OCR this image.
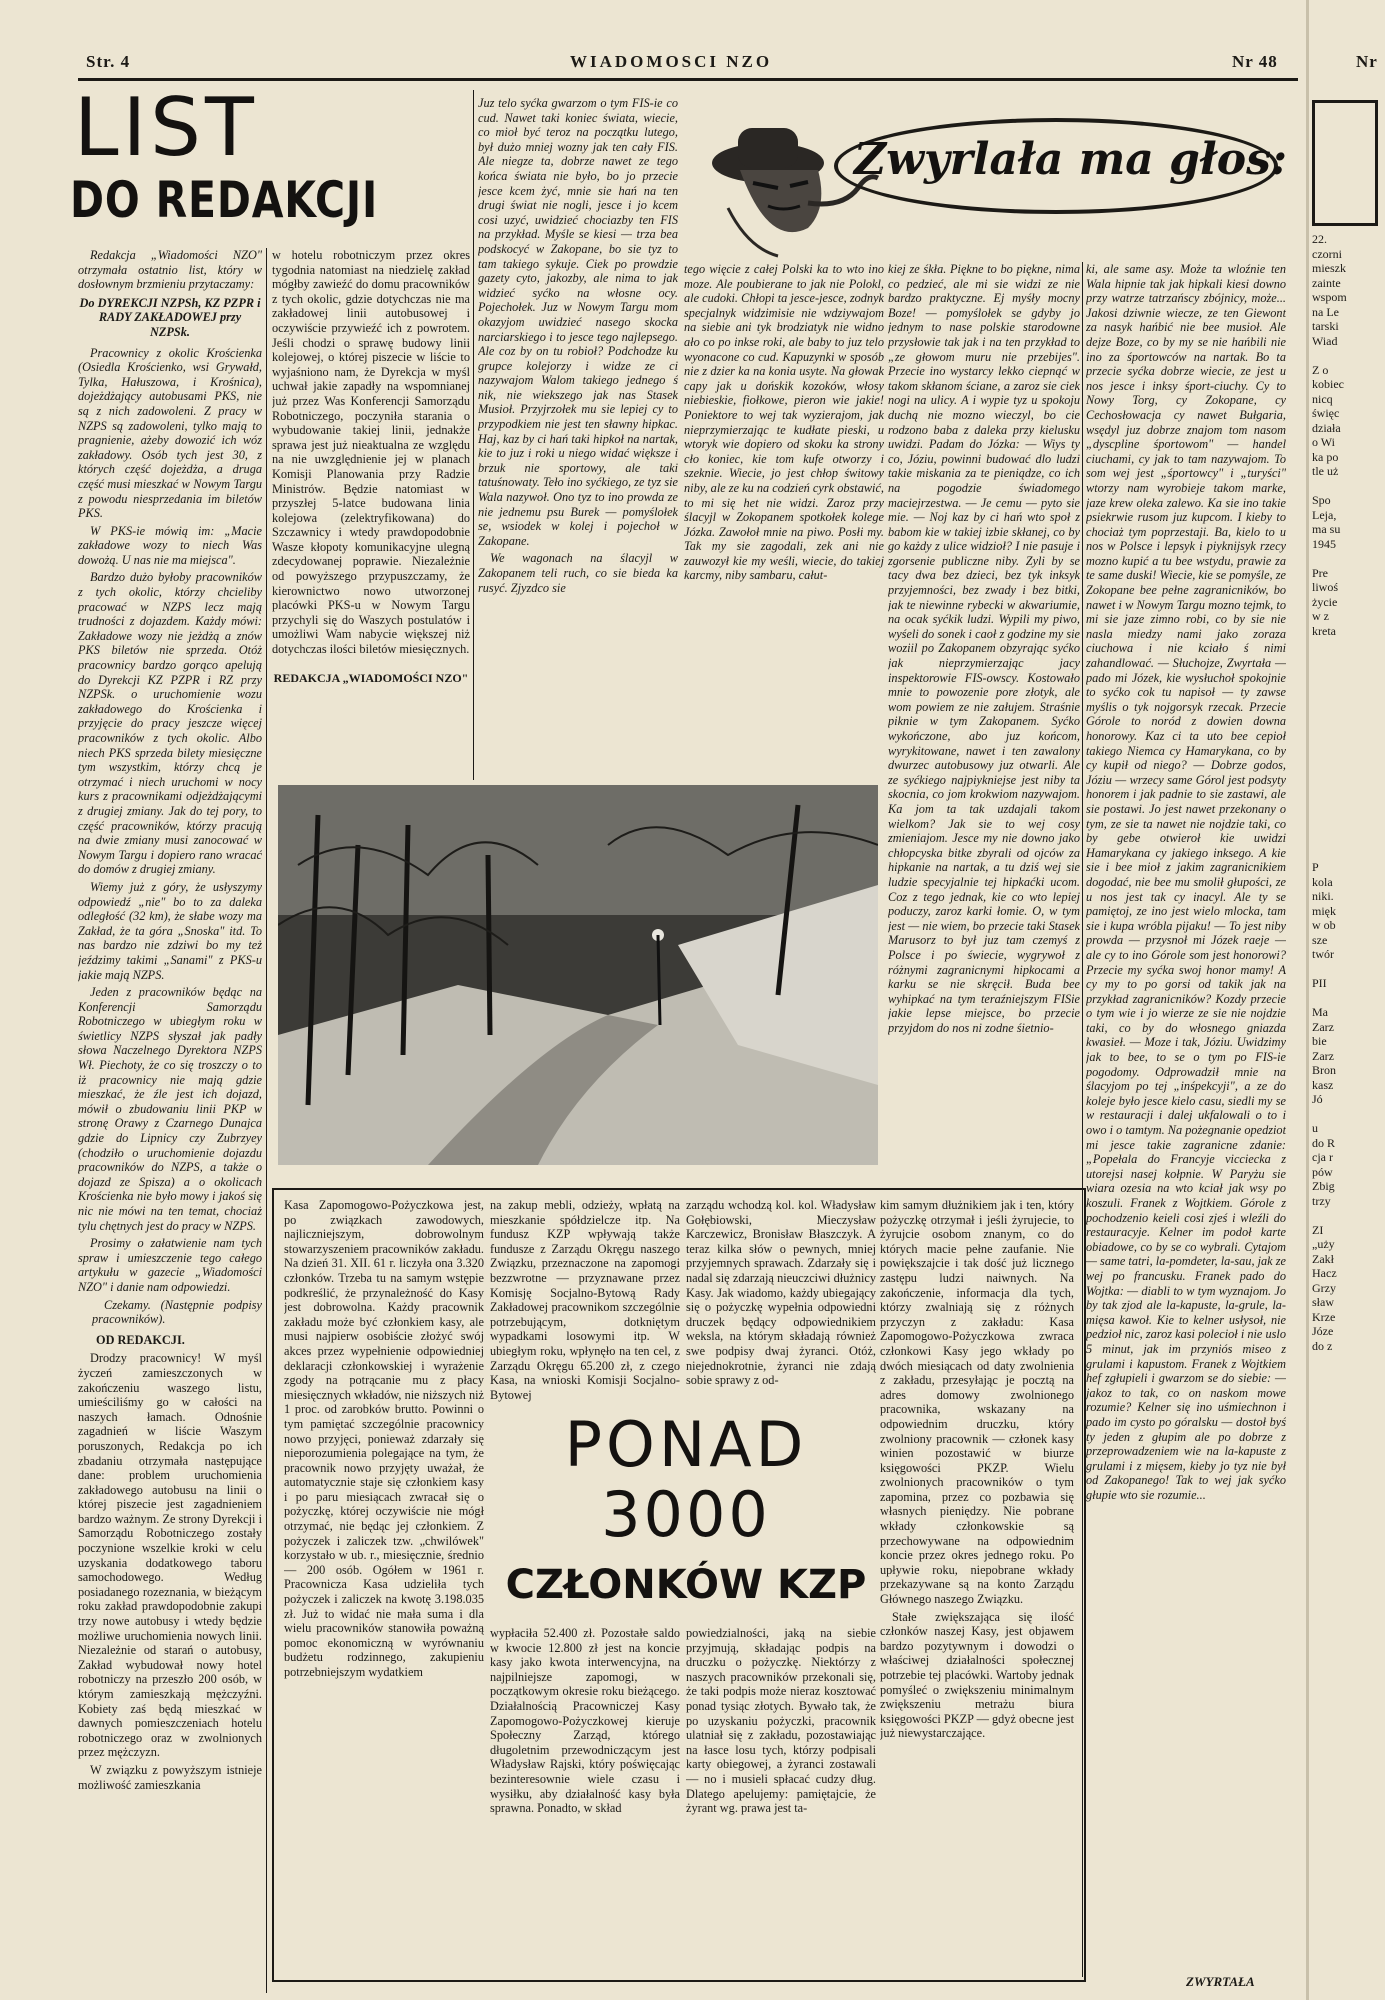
Str. 4	WIADOMOSCI NZO	Nr 48	Nr
LIST
DO REDAKCJI

Redakcja „Wiadomości NZO" otrzymała ostatnio list, który w dosłownym brzmieniu przytaczamy:

Do DYREKCJI NZPSh, KZ PZPR i RADY ZAKŁADOWEJ przy NZPSk.

Pracownicy z okolic Krościenka (Osiedla Krościenko, wsi Grywałd, Tylka, Hałuszowa, i Krośnica), dojeżdżający autobusami PKS, nie są z nich zadowoleni. Z pracy w NZPS są zadowoleni, tylko mają to pragnienie, ażeby dowozić ich wóz zakładowy. Osób tych jest 30, z których część dojeżdża, a druga część musi mieszkać w Nowym Targu z powodu niesprzedania im biletów PKS.

W PKS-ie mówią im: „Macie zakładowe wozy to niech Was dowożą. U nas nie ma miejsca".

Bardzo dużo byłoby pracowników z tych okolic, którzy chcieliby pracować w NZPS lecz mają trudności z dojazdem. Każdy mówi: Zakładowe wozy nie jeżdżą a znów PKS biletów nie sprzeda. Otóż pracownicy bardzo gorąco apelują do Dyrekcji KZ PZPR i RZ przy NZPSk. o uruchomienie wozu zakładowego do Krościenka i przyjęcie do pracy jeszcze więcej pracowników z tych okolic. Albo niech PKS sprzeda bilety miesięczne tym wszystkim, którzy chcą je otrzymać i niech uruchomi w nocy kurs z pracownikami odjeżdżającymi z drugiej zmiany. Jak do tej pory, to część pracowników, którzy pracują na dwie zmiany musi zanocować w Nowym Targu i dopiero rano wracać do domów z drugiej zmiany.

Wiemy już z góry, że usłyszymy odpowiedź „nie" bo to za daleka odległość (32 km), że słabe wozy ma Zakład, że ta góra „Snoska" itd. To nas bardzo nie zdziwi bo my też jeździmy takimi „Sanami" z PKS-u jakie mają NZPS.

Jeden z pracowników będąc na Konferencji Samorządu Robotniczego w ubiegłym roku w świetlicy NZPS słyszał jak padły słowa Naczelnego Dyrektora NZPS Wł. Piechoty, że co się troszczy o to iż pracownicy nie mają gdzie mieszkać, że źle jest ich dojazd, mówił o zbudowaniu linii PKP w stronę Orawy z Czarnego Dunajca gdzie do Lipnicy czy Zubrzyey (chodziło o uruchomienie dojazdu pracowników do NZPS, a także o dojazd ze Spisza) a o okolicach Krościenka nie było mowy i jakoś się nic nie mówi na ten temat, chociaż tylu chętnych jest do pracy w NZPS.

Prosimy o załatwienie nam tych spraw i umieszczenie tego całego artykułu w gazecie „Wiadomości NZO" i danie nam odpowiedzi.

Czekamy. (Następnie podpisy pracowników).

OD REDAKCJI.

Drodzy pracownicy! W myśl życzeń zamieszczonych w zakończeniu waszego listu, umieściliśmy go w całości na naszych łamach. Odnośnie zagadnień w liście Waszym poruszonych, Redakcja po ich zbadaniu otrzymała następujące dane: problem uruchomienia zakładowego autobusu na linii o której piszecie jest zagadnieniem bardzo ważnym. Ze strony Dyrekcji i Samorządu Robotniczego zostały poczynione wszelkie kroki w celu uzyskania dodatkowego taboru samochodowego. Według posiadanego rozeznania, w bieżącym roku zakład prawdopodobnie zakupi trzy nowe autobusy i wtedy będzie możliwe uruchomienia nowych linii. Niezależnie od starań o autobusy, Zakład wybudował nowy hotel robotniczy na przeszło 200 osób, w którym zamieszkają mężczyźni. Kobiety zaś będą mieszkać w dawnych pomieszczeniach hotelu robotniczego oraz w zwolnionych przez mężczyzn.

W związku z powyższym istnieje możliwość zamieszkania

w hotelu robotniczym przez okres tygodnia natomiast na niedzielę zakład mógłby zawieźć do domu pracowników z tych okolic, gdzie dotychczas nie ma zakładowej linii autobusowej i oczywiście przywieźć ich z powrotem. Jeśli chodzi o sprawę budowy linii kolejowej, o której piszecie w liście to wyjaśniono nam, że Dyrekcja w myśl uchwał jakie zapadły na wspomnianej już przez Was Konferencji Samorządu Robotniczego, poczyniła starania o wybudowanie takiej linii, jednakże sprawa jest już nieaktualna ze względu na nie uwzględnienie jej w planach Komisji Planowania przy Radzie Ministrów. Będzie natomiast w przyszłej 5-latce budowana linia kolejowa (zelektryfikowana) do Szczawnicy i wtedy prawdopodobnie Wasze kłopoty komunikacyjne ulegną zdecydowanej poprawie. Niezależnie od powyższego przypuszczamy, że kierownictwo nowo utworzonej placówki PKS-u w Nowym Targu przychyli się do Waszych postulatów i umożliwi Wam nabycie większej niż dotychczas ilości biletów miesięcznych.

REDAKCJA „WIADOMOŚCI NZO"

Zwyrlała ma głos:

Juz telo syćka gwarzom o tym FIS-ie co cud. Nawet taki koniec świata, wiecie, co mioł być teroz na początku lutego, był dużo mniej wozny jak ten cały FIS. Ale niegze ta, dobrze nawet ze tego końca świata nie było, bo jo przecie jesce kcem żyć, mnie sie hań na ten drugi świat nie nogli, jesce i jo kcem cosi uzyć, uwidzieć chociazby ten FIS na przykład. Myśle se kiesi — trza bea podskocyć w Zakopane, bo sie tyz to tam takiego sykuje. Ciek po prowdzie gazety cyto, jakozby, ale nima to jak widzieć syćko na włosne ocy. Pojechołek. Juz w Nowym Targu mom okazyjom uwidzieć nasego skocka narciarskiego i to jesce tego najlepsego. Ale coz by on tu robioł? Podchodze ku grupce kolejorzy i widze ze ci nazywajom Walom takiego jednego ś nik, nie wiekszego jak nas Stasek Musioł. Przyjrzołek mu sie lepiej cy to przypodkiem nie jest ten sławny hipkac. Haj, kaz by ci hań taki hipkoł na nartak, kie to juz i roki u niego widać większe i brzuk nie sportowy, ale taki tatuśnowaty. Teło ino syćkiego, ze tyz sie Wala nazywoł. Ono tyz to ino prowda ze nie jednemu psu Burek — pomyślołek se, wsiodek w kolej i pojechoł w Zakopane.

We wagonach na ślacyjl w Zakopanem teli ruch, co sie bieda ka rusyć. Zjyzdco sie

tego więcie z całej Polski ka to wto ino moze. Ale poubierane to jak nie Polokl, ale cudoki. Chłopi ta jesce-jesce, zodnyk specjalnyk widzimisie nie wdziywajom na siebie ani tyk brodziatyk nie widno ało co po inkse roki, ale baby to juz telo wyonacone co cud. Kapuzynki w sposób nie z dzier ka na konia usyte. Na głowak capy jak u dońskik kozoków, włosy niebieskie, fiołkowe, pieron wie jakie! Poniektore to wej tak wyzierajom, jak nieprzymierzając te kudłate pieski, u wtoryk wie dopiero od skoku ka strony cło koniec, kie tom kufe otworzy i szeknie. Wiecie, jo jest chłop świtowy niby, ale ze ku na codzień cyrk obstawić, to mi się het nie widzi. Zaroz przy ślacyjl w Zokopanem spotkołek kolege Józka. Zawołoł mnie na piwo. Posłi my. Tak my sie zagodali, zek ani nie zauwozył kie my weśli, wiecie, do takiej karcmy, niby sambaru, całut-

kiej ze śkła. Piękne to bo piękne, nima co pedzieć, ale mi sie widzi ze nie bardzo praktyczne. Ej myśły mocny Boze! — pomyślołek se gdyby jo jednym to nase polskie starodowne przysłowie tak jak i na ten przykład to „ze głowom muru nie przebijes". Przecie ino wystarcy lekko ciepnąć w takom skłanom ściane, a zaroz sie ciek nogi na ulicy. A i wypie tyz u spokoju duchą nie mozno wieczyl, bo cie rodzono baba z daleka przy kielusku uwidzi. Padam do Józka: — Wiys ty co, Józiu, powinni budować dlo ludzi takie miskania za te pieniądze, co ich na pogodzie świadomego maciejrzestwa. — Je cemu — pyto sie mie. — Noj kaz by ci hań wto społ z babom kie w takiej izbie skłanej, co by go każdy z ulice widzioł? I nie pasuje i zgorsenie publiczne niby. Zyli by se tacy dwa bez dzieci, bez tyk inksyk przyjemności, bez zwady i bez bitki, jak te niewinne rybecki w akwariumie, na ocak syćkik ludzi. Wypili my piwo, wyśeli do sonek i caoł z godzine my sie woziil po Zakopanem obzyrając syćko jak nieprzymierzając jacy inspektorowie FIS-owscy. Kostowało mnie to powozenie pore złotyk, ale wom powiem ze nie załujem. Straśnie piknie w tym Zakopanem. Syćko wykończone, abo juz końcom, wyrykitowane, nawet i ten zawalony dwurzec autobusowy juz otwarli. Ale ze syćkiego najpiykniejse jest niby ta skocnia, co jom krokwiom nazywajom. Ka jom ta tak uzdajali takom wielkom? Jak sie to wej cosy zmieniajom. Jesce my nie downo jako chłopcyska bitke zbyrali od ojców za hipkanie na nartak, a tu dziś wej sie ludzie specyjalnie tej hipkaćki ucom. Coz z tego jednak, kie co wto lepiej poduczy, zaroz karki łomie. O, w tym jest — nie wiem, bo przecie taki Stasek Marusorz to był juz tam czemyś z Polsce i po świecie, wygrywoł z różnymi zagranicnymi hipkocami a karku se nie skręcił. Buda bee wyhipkać na tym teraźniejszym FISie jakie lepse miejsce, bo przecie przyjdom do nos ni zodne śietnio-

ki, ale same asy. Może ta wloźnie ten Wala hipnie tak jak hipkali kiesi downo przy watrze tatrzańscy zbójnicy, może... Jakosi dziwnie wiecze, ze ten Giewont za nasyk hańbić nie bee musioł. Ale dejze Boze, co by my se nie hańbili nie ino za śportowców na nartak. Bo ta przecie syćka dobrze wiecie, ze jest u nos jesce i inksy śport-ciuchy. Cy to Nowy Torg, cy Zokopane, cy Cechosłowacja cy nawet Bułgaria, wsędyl juz dobrze znajom tom nasom „dyscpline śportowom" — handel ciuchami, cy jak to tam nazywajom. To som wej jest „śportowcy" i „turyści" wtorzy nam wyrobieje takom marke, jaze krew oleka zalewo. Ka sie ino takie psiekrwie rusom juz kupcom. I kieby to chociaż tym poprzestaji. Ba, kielo to u nos w Polsce i lepsyk i piyknijsyk rzecy mozno kupić a tu bee wstydu, prawie za te same duski! Wiecie, kie se pomyśle, ze Zokopane bee pełne zagranicników, bo nawet i w Nowym Targu mozno tejmk, to mi sie jaze zimno robi, co by sie nie nasla miedzy nami jako zoraza ciuchowa i nie kciało ś nimi zahandlować. — Słuchojze, Zwyrtała — pado mi Józek, kie wysłuchoł spokojnie to syćko cok tu napisoł — ty zawse myślis o tyk nojgorsyk rzecak. Przecie Górole to noród z dowien downa honorowy. Kaz ci ta uto bee cepioł takiego Niemca cy Hamarykana, co by cy kupił od niego? — Dobrze godos, Józiu — wrzecy same Górol jest podsyty honorem i jak padnie to sie zastawi, ale sie postawi. Jo jest nawet przekonany o tym, ze sie ta nawet nie nojdzie taki, co by gebe otwieroł kie uwidzi Hamarykana cy jakiego inksego. A kie sie i bee mioł z jakim zagranicnikiem dogodać, nie bee mu smolił głupości, ze u nos jest tak cy inacyl. Ale ty se pamiętoj, ze ino jest wielo mlocka, tam sie i kupa wróbla pijaku! — To jest niby prowda — przysnoł mi Józek raeje — ale cy to ino Górole som jest honorowi? Przecie my syćka swoj honor mamy! A cy my to po gorsi od takik jak na przykład zagranicników? Kozdy przecie o tym wie i jo wierze ze sie nie nojdzie taki, co by do włosnego gniazda kwasieł. — Moze i tak, Józiu. Uwidzimy jak to bee, to se o tym po FIS-ie pogodomy. Odprowadził mnie na ślacyjom po tej „inśpekcyji", a ze do koleje było jesce kielo casu, siedli my se w restauracji i dalej ukfalowali o to i owo i o tamtym. Na pożegnanie opedziot mi jesce takie zagranicne zdanie: „Popełala do Francyje vicciecka z utorejsi nasej kołpnie. W Paryżu sie wiara ozesia na wto kciał jak wsy po koszuli. Franek z Wojtkiem. Górole z pochodzenio keieli cosi zjeś i wleźli do restauracyje. Kelner im podoł karte obiadowe, co by se co wybrali. Cytajom — same tatri, la-pomdeter, la-sau, jak ze wej po francusku. Franek pado do Wojtka: — diabli to w tym wyznajom. Jo by tak zjod ale la-kapuste, la-grule, la-mięsa kawoł. Kie to kelner usłysoł, nie pedzioł nic, zaroz kasi polecioł i nie uslo 5 minut, jak im przyniós miseo z grulami i kapustom. Franek z Wojtkiem hef zgłupieli i gwarzom se do siebie: — jakoz to tak, co on naskom mowe rozumie? Kelner się ino uśmiechnon i pado im cysto po góralsku — dostoł byś ty jeden z głupim ale po dobrze z przeprowadzeniem wie na la-kapuste z grulami i z mięsem, kieby jo tyz nie był od Zakopanego! Tak to wej jak syćko głupie wto sie rozumie...

ZWYRTAŁA

Kasa Zapomogowo-Pożyczkowa jest, po związkach zawodowych, najliczniejszym, dobrowolnym stowarzyszeniem pracowników zakładu. Na dzień 31. XII. 61 r. liczyła ona 3.320 członków. Trzeba tu na samym wstępie podkreślić, że przynależność do Kasy jest dobrowolna. Każdy pracownik zakładu może być członkiem kasy, ale musi najpierw osobiście złożyć swój akces przez wypełnienie odpowiedniej deklaracji członkowskiej i wyrażenie zgody na potrącanie mu z płacy miesięcznych wkładów, nie niższych niż 1 proc. od zarobków brutto. Powinni o tym pamiętać szczególnie pracownicy nowo przyjęci, ponieważ zdarzały się nieporozumienia polegające na tym, że pracownik nowo przyjęty uważał, że automatycznie staje się członkiem kasy i po paru miesiącach zwracał się o pożyczkę, której oczywiście nie mógł otrzymać, nie będąc jej członkiem. Z pożyczek i zaliczek tzw. „chwilówek" korzystało w ub. r., miesięcznie, średnio — 200 osób. Ogółem w 1961 r. Pracownicza Kasa udzieliła tych pożyczek i zaliczek na kwotę 3.198.035 zł. Już to widać nie mała suma i dla wielu pracowników stanowiła poważną pomoc ekonomiczną w wyrównaniu budżetu rodzinnego, zakupieniu potrzebniejszym wydatkiem

na zakup mebli, odzieży, wpłatą na mieszkanie spółdzielcze itp. Na fundusz KZP wpływają także fundusze z Zarządu Okręgu naszego Związku, przeznaczone na zapomogi bezzwrotne — przyznawane przez Komisję Socjalno-Bytową Rady Zakładowej pracownikom szczególnie potrzebującym, dotkniętym wypadkami losowymi itp. W ubiegłym roku, wpłynęło na ten cel, z Zarządu Okręgu 65.200 zł, z czego Kasa, na wnioski Komisji Socjalno-Bytowej

zarządu wchodzą kol. kol. Władysław Gołębiowski, Mieczysław Karczewicz, Bronisław Błaszczyk. A teraz kilka słów o pewnych, mniej przyjemnych sprawach. Zdarzały się i nadal się zdarzają nieuczciwi dłużnicy Kasy. Jak wiadomo, każdy ubiegający się o pożyczkę wypełnia odpowiedni druczek będący odpowiednikiem weksla, na którym składają również swe podpisy dwaj żyranci. Otóż, niejednokrotnie, żyranci nie zdają sobie sprawy z od-

kim samym dłużnikiem jak i ten, który pożyczkę otrzymał i jeśli żyrujecie, to żyrujcie osobom znanym, co do których macie pełne zaufanie. Nie powiększajcie i tak dość już licznego zastępu ludzi naiwnych. Na zakończenie, informacja dla tych, którzy zwalniają się z różnych przyczyn z zakładu: Kasa Zapomogowo-Pożyczkowa zwraca członkowi Kasy jego wkłady po dwóch miesiącach od daty zwolnienia z zakładu, przesyłając je pocztą na adres domowy zwolnionego pracownika, wskazany na odpowiednim druczku, który zwolniony pracownik — członek kasy winien pozostawić w biurze księgowości PKZP. Wielu zwolnionych pracowników o tym zapomina, przez co pozbawia się własnych pieniędzy. Nie pobrane wkłady członkowskie są przechowywane na odpowiednim koncie przez okres jednego roku. Po upływie roku, niepobrane wkłady przekazywane są na konto Zarządu Głównego naszego Związku.

Stałe zwiększająca się ilość członków naszej Kasy, jest objawem bardzo pozytywnym i dowodzi o właściwej działalności społecznej potrzebie tej placówki. Wartoby jednak pomyśleć o zwiększeniu minimalnym zwiększeniu metrażu biura księgowości PKZP — gdyż obecne jest już niewystarczające.

PONAD
3000
CZŁONKÓW KZP

wypłaciła 52.400 zł. Pozostałe saldo w kwocie 12.800 zł jest na koncie kasy jako kwota interwencyjna, na najpilniejsze zapomogi, w początkowym okresie roku bieżącego. Działalnością Pracowniczej Kasy Zapomogowo-Pożyczkowej kieruje Społeczny Zarząd, którego długoletnim przewodniczącym jest Władysław Rajski, który poświęcając bezinteresownie wiele czasu i wysiłku, aby działalność kasy była sprawna. Ponadto, w skład

powiedzialności, jaką na siebie przyjmują, składając podpis na druczku o pożyczkę. Niektórzy z naszych pracowników przekonali się, że taki podpis może nieraz kosztować ponad tysiąc złotych. Bywało tak, że po uzyskaniu pożyczki, pracownik ulatniał się z zakładu, pozostawiając na łasce losu tych, którzy podpisali karty obiegowej, a żyranci zostawali — no i musieli spłacać cudzy dług. Dlatego apelujemy: pamiętajcie, że żyrant wg. prawa jest ta-

22.
czorni
mieszk
zainte
wspom
na Le
tarski
Wiad

Z o
kobiec
nicq
święc
działa
o Wi
ka po
tle uż

Spo
Leja,
ma su
1945

Pre
liwoś
życie
w z
kreta
P
kola
niki.
mięk
w ob
sze
twór

PII

Ma
Zarz
bie
Zarz
Bron
kasz
Jó

u
do R
cja r
pów
Zbig
trzy

ZI
„uży
Zakł
Hacz
Grzy
sław
Krze
Józe
do z
